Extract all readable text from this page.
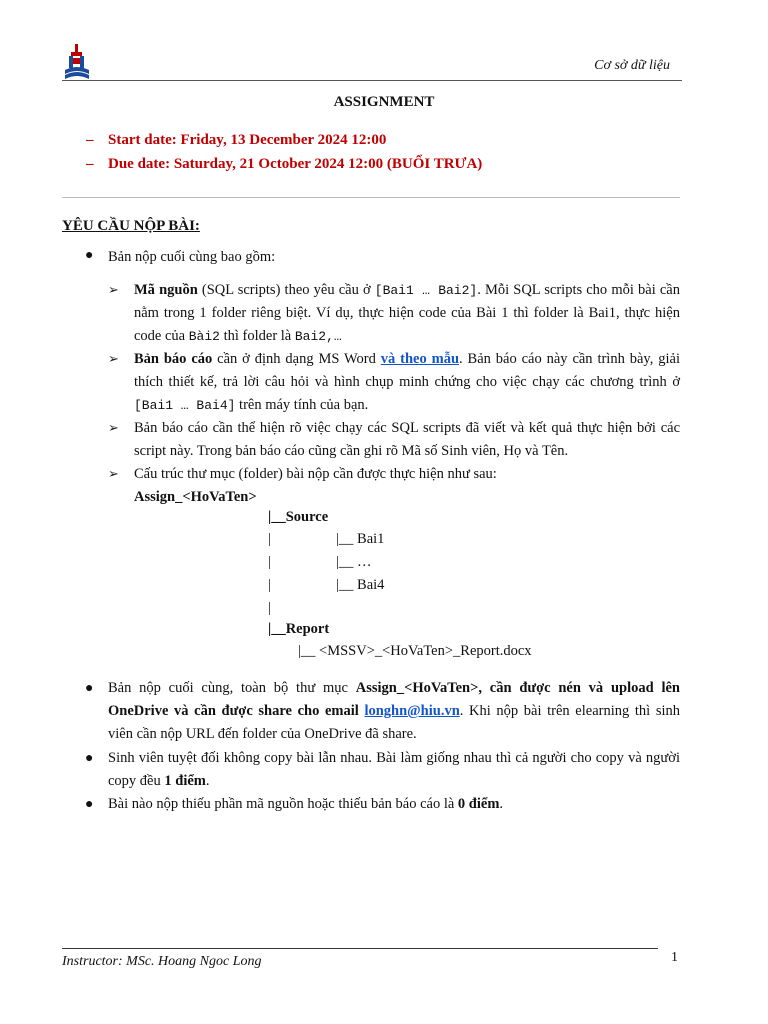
Cơ sở dữ liệu
ASSIGNMENT
– Start date: Friday, 13 December 2024 12:00
– Due date: Saturday, 21 October 2024 12:00 (BUỔI TRƯA)
YÊU CẦU NỘP BÀI:
● Bản nộp cuối cùng bao gồm:
➢ Mã nguồn (SQL scripts) theo yêu cầu ở [Bai1 … Bai2]. Mỗi SQL scripts cho mỗi bài cần nằm trong 1 folder riêng biệt. Ví dụ, thực hiện code của Bài 1 thì folder là Bai1, thực hiện code của Bài2 thì folder là Bai2,…
➢ Bản báo cáo cần ở định dạng MS Word và theo mẫu. Bản báo cáo này cần trình bày, giải thích thiết kế, trả lời câu hỏi và hình chụp minh chứng cho việc chạy các chương trình ở [Bai1 … Bai4] trên máy tính của bạn.
➢ Bản báo cáo cần thể hiện rõ việc chạy các SQL scripts đã viết và kết quả thực hiện bởi các script này. Trong bản báo cáo cũng cần ghi rõ Mã số Sinh viên, Họ và Tên.
➢ Cấu trúc thư mục (folder) bài nộp cần được thực hiện như sau:
Assign_<HoVaTen>
|__Source
|	|__ Bai1
|	|__ …
|	|__ Bai4
|
|__Report
|__ <MSSV>_<HoVaTen>_Report.docx
● Bản nộp cuối cùng, toàn bộ thư mục Assign_<HoVaTen>, cần được nén và upload lên OneDrive và cần được share cho email longhn@hiu.vn. Khi nộp bài trên elearning thì sinh viên cần nộp URL đến folder của OneDrive đã share.
● Sinh viên tuyệt đối không copy bài lẫn nhau. Bài làm giống nhau thì cả người cho copy và người copy đều 1 điểm.
● Bài nào nộp thiếu phần mã nguồn hoặc thiếu bản báo cáo là 0 điểm.
Instructor: MSc. Hoang Ngoc Long	1
